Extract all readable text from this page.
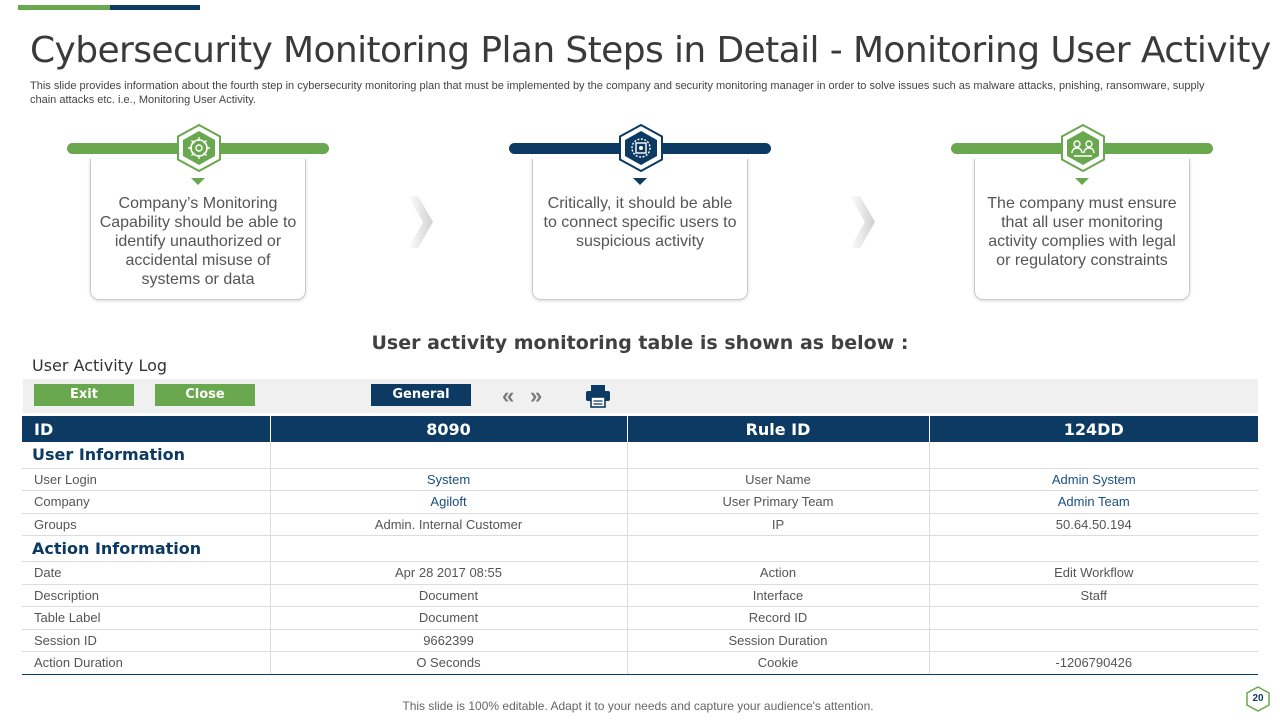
Cybersecurity Monitoring Plan Steps in Detail - Monitoring User Activity

This slide provides information about the fourth step in cybersecurity monitoring plan that must be implemented by the company and security monitoring manager in order to solve issues such as malware attacks, pnishing, ransomware, supply chain attacks etc. i.e., Monitoring User Activity.

Company’s Monitoring Capability should be able to identify unauthorized or accidental misuse of systems or data
Critically, it should be able to connect specific users to suspicious activity
The company must ensure that all user monitoring activity complies with legal or regulatory constraints
User activity monitoring table is shown as below :
User Activity Log
Exit	Close	General	« »
ID	8090	Rule ID	124DD
User Information			
User Login	System	User Name	Admin System
Company	Agiloft	User Primary Team	Admin Team
Groups	Admin. Internal Customer	IP	50.64.50.194
Action Information			
Date	Apr 28 2017 08:55	Action	Edit Workflow
Description	Document	Interface	Staff
Table Label	Document	Record ID	
Session ID	9662399	Session Duration	
Action Duration	O Seconds	Cookie	-1206790426
This slide is 100% editable. Adapt it to your needs and capture your audience's attention.
20
